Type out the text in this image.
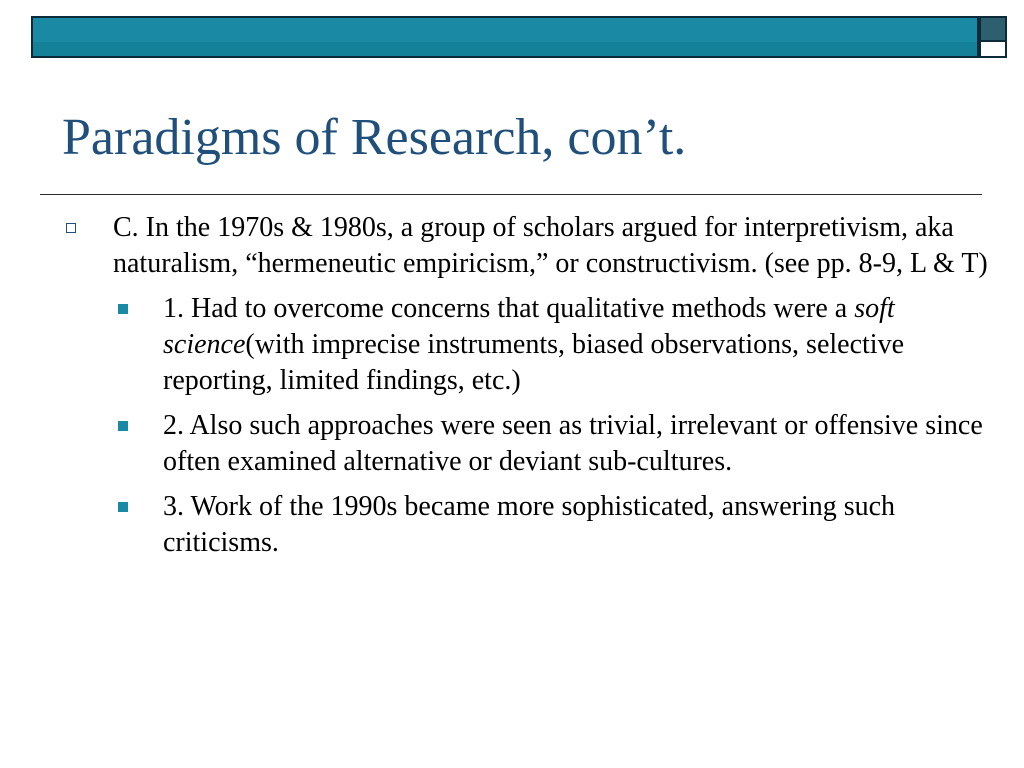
Paradigms of Research, con’t.
C. In the 1970s & 1980s, a group of scholars argued for interpretivism, aka naturalism, “hermeneutic empiricism,” or constructivism. (see pp. 8-9, L & T)
1. Had to overcome concerns that qualitative methods were a soft science(with imprecise instruments, biased observations, selective reporting, limited findings, etc.)
2. Also such approaches were seen as trivial, irrelevant or offensive since often examined alternative or deviant sub-cultures.
3. Work of the 1990s became more sophisticated, answering such criticisms.
